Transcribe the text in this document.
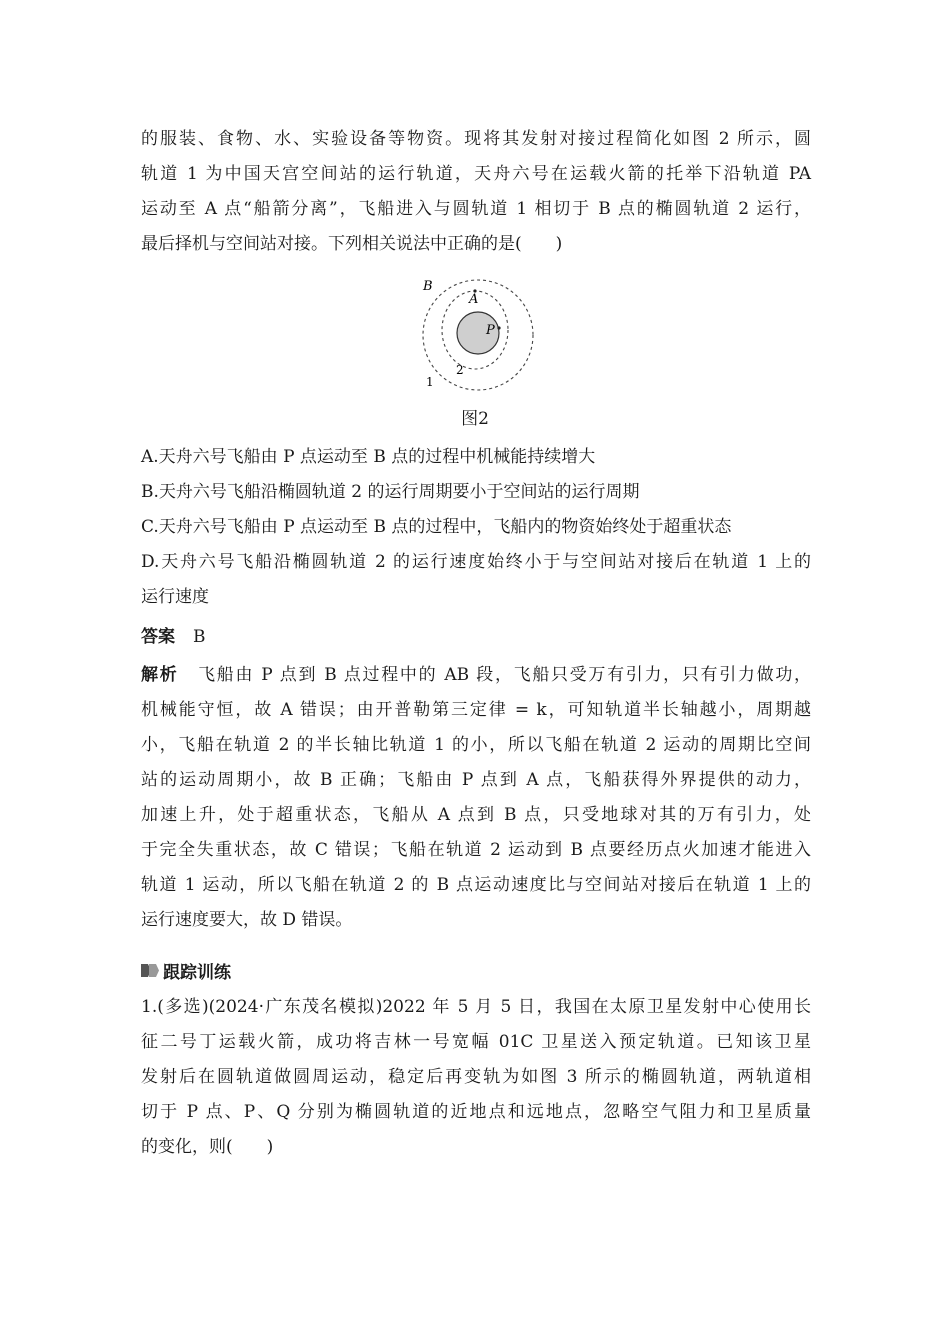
的服装、食物、水、实验设备等物资。现将其发射对接过程简化如图 2 所示，圆
轨道 1 为中国天宫空间站的运行轨道，天舟六号在运载火箭的托举下沿轨道 PA
运动至 A 点“船箭分离”，飞船进入与圆轨道 1 相切于 B 点的椭圆轨道 2 运行，
最后择机与空间站对接。下列相关说法中正确的是(　　)
B
A
P
1
2
图2
A.天舟六号飞船由 P 点运动至 B 点的过程中机械能持续增大
B.天舟六号飞船沿椭圆轨道 2 的运行周期要小于空间站的运行周期
C.天舟六号飞船由 P 点运动至 B 点的过程中，飞船内的物资始终处于超重状态
D.天舟六号飞船沿椭圆轨道 2 的运行速度始终小于与空间站对接后在轨道 1 上的
运行速度
答案 B
解析 飞船由 P 点到 B 点过程中的 AB 段，飞船只受万有引力，只有引力做功，
机械能守恒，故 A 错误；由开普勒第三定律 = k，可知轨道半长轴越小，周期越
小，飞船在轨道 2 的半长轴比轨道 1 的小，所以飞船在轨道 2 运动的周期比空间
站的运动周期小，故 B 正确；飞船由 P 点到 A 点，飞船获得外界提供的动力，
加速上升，处于超重状态，飞船从 A 点到 B 点，只受地球对其的万有引力，处
于完全失重状态，故 C 错误；飞船在轨道 2 运动到 B 点要经历点火加速才能进入
轨道 1 运动，所以飞船在轨道 2 的 B 点运动速度比与空间站对接后在轨道 1 上的
运行速度要大，故 D 错误。
跟踪训练
1.(多选)(2024·广东茂名模拟)2022 年 5 月 5 日，我国在太原卫星发射中心使用长
征二号丁运载火箭，成功将吉林一号宽幅 01C 卫星送入预定轨道。已知该卫星
发射后在圆轨道做圆周运动，稳定后再变轨为如图 3 所示的椭圆轨道，两轨道相
切于 P 点、P、Q 分别为椭圆轨道的近地点和远地点，忽略空气阻力和卫星质量
的变化，则(　　)
